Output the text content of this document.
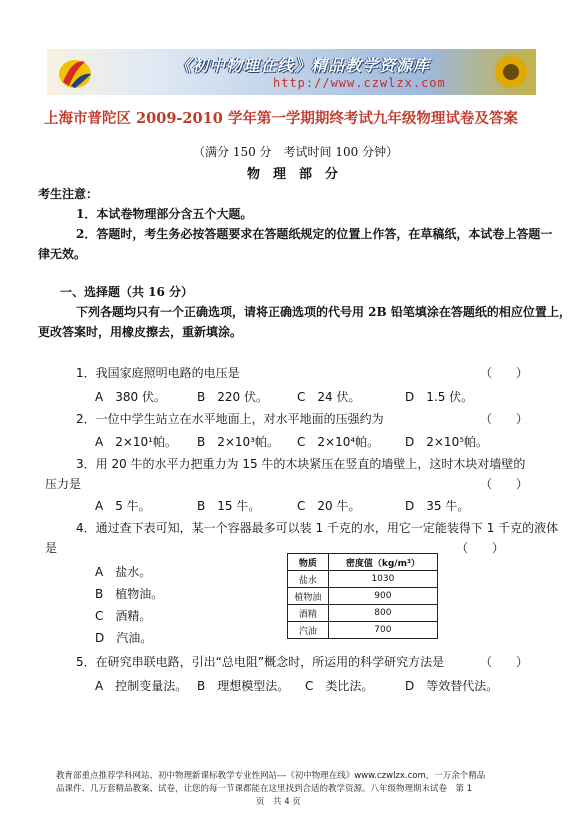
《初中物理在线》精品教学资源库
http://www.czwlzx.com
上海市普陀区 2009-2010 学年第一学期期终考试九年级物理试卷及答案
（满分 150 分　考试时间 100 分钟）
物　理　部　分
考生注意：
1．本试卷物理部分含五个大题。
2．答题时，考生务必按答题要求在答题纸规定的位置上作答，在草稿纸，本试卷上答题一
律无效。
一、选择题（共 16 分）
下列各题均只有一个正确选项，请将正确选项的代号用 2B 铅笔填涂在答题纸的相应位置上，
更改答案时，用橡皮擦去，重新填涂。
1．我国家庭照明电路的电压是	（　　）
A　380 伏。	B　220 伏。 C　24 伏。	D　1.5 伏。
2．一位中学生站立在水平地面上，对水平地面的压强约为	（　　）
A　2×10¹帕。 B　2×10³帕。 C　2×10⁴帕。 D　2×10⁵帕。
3．用 20 牛的水平力把重力为 15 牛的木块紧压在竖直的墙壁上，这时木块对墙壁的
压力是	（　　）
A　5 牛。	B　15 牛。	C　20 牛。	D　35 牛。
4．通过查下表可知，某一个容器最多可以装 1 千克的水，用它一定能装得下 1 千克的液体
是	（　　）
A　盐水。
B　植物油。
C　酒精。
D　汽油。
物质	密度值（kg/m³）
盐水	1030
植物油	900
酒精	800
汽油	700
5．在研究串联电路，引出“总电阻”概念时，所运用的科学研究方法是	（　　）
A　控制变量法。 B　理想模型法。 C　类比法。	D　等效替代法。
教育部重点推荐学科网站、初中物理新课标教学专业性网站---《初中物理在线》www.czwlzx.com，一万余个精品
品课件、几万套精品教案、试卷，让您的每一节课都能在这里找到合适的教学资源。八年级物理期末试卷　第 1
页　共 4 页
